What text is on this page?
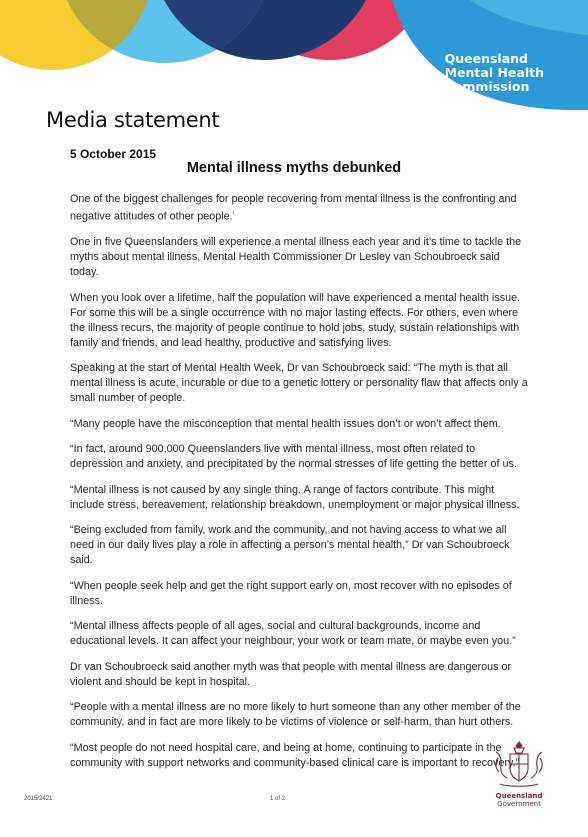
Queensland
Mental Health
Commission
Media statement
5 October 2015
Mental illness myths debunked

One of the biggest challenges for people recovering from mental illness is the confronting and negative attitudes of other people.$^i$

One in five Queenslanders will experience a mental illness each year and it’s time to tackle the myths about mental illness, Mental Health Commissioner Dr Lesley van Schoubroeck said today.

When you look over a lifetime, half the population will have experienced a mental health issue. For some this will be a single occurrence with no major lasting effects. For others, even where the illness recurs, the majority of people continue to hold jobs, study, sustain relationships with family and friends, and lead healthy, productive and satisfying lives.

Speaking at the start of Mental Health Week, Dr van Schoubroeck said: “The myth is that all mental illness is acute, incurable or due to a genetic lottery or personality flaw that affects only a small number of people.

“Many people have the misconception that mental health issues don’t or won’t affect them.

“In fact, around 900,000 Queenslanders live with mental illness, most often related to depression and anxiety, and precipitated by the normal stresses of life getting the better of us.

“Mental illness is not caused by any single thing. A range of factors contribute. This might include stress, bereavement, relationship breakdown, unemployment or major physical illness.

“Being excluded from family, work and the community, and not having access to what we all need in our daily lives play a role in affecting a person’s mental health,” Dr van Schoubroeck said.

“When people seek help and get the right support early on, most recover with no episodes of illness.

“Mental illness affects people of all ages, social and cultural backgrounds, income and educational levels. It can affect your neighbour, your work or team mate, or maybe even you.”

Dr van Schoubroeck said another myth was that people with mental illness are dangerous or violent and should be kept in hospital.

“People with a mental illness are no more likely to hurt someone than any other member of the community, and in fact are more likely to be victims of violence or self-harm, than hurt others.

“Most people do not need hospital care, and being at home, continuing to participate in the community with support networks and community-based clinical care is important to recovery.”

Queensland
Government
2015/2421	1 of 2
